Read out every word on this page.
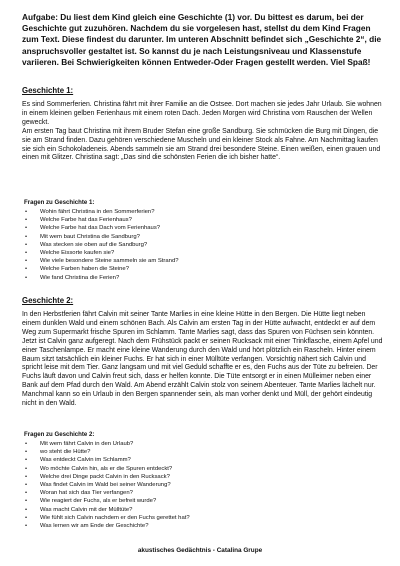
Aufgabe: Du liest dem Kind gleich eine Geschichte (1) vor. Du bittest es darum, bei der Geschichte gut zuzuhören. Nachdem du sie vorgelesen hast, stellst du dem Kind Fragen zum Text. Diese findest du darunter. Im unteren Abschnitt befindet sich „Geschichte 2“, die anspruchsvoller gestaltet ist. So kannst du je nach Leistungsniveau und Klassenstufe variieren. Bei Schwierigkeiten können Entweder-Oder Fragen gestellt werden. Viel Spaß!

Geschichte 1:

Es sind Sommerferien. Christina fährt mit ihrer Familie an die Ostsee. Dort machen sie jedes Jahr Urlaub. Sie wohnen in einem kleinen gelben Ferienhaus mit einem roten Dach. Jeden Morgen wird Christina vom Rauschen der Wellen geweckt.
Am ersten Tag baut Christina mit ihrem Bruder Stefan eine große Sandburg. Sie schmücken die Burg mit Dingen, die sie am Strand finden. Dazu gehören verschiedene Muscheln und ein kleiner Stock als Fahne. Am Nachmittag kaufen sie sich ein Schokoladeneis. Abends sammeln sie am Strand drei besondere Steine. Einen weißen, einen grauen und einen mit Glitzer. Christina sagt: „Das sind die schönsten Ferien die ich bisher hatte“.

Fragen zu Geschichte 1:

• Wohin fährt Christina in den Sommerferien?
• Welche Farbe hat das Ferienhaus?
• Welche Farbe hat das Dach vom Ferienhaus?
• Mit wem baut Christina die Sandburg?
• Was stecken sie oben auf die Sandburg?
• Welche Eissorte kaufen sie?
• Wie viele besondere Steine sammeln sie am Strand?
• Welche Farben haben die Steine?
• Wie fand Christina die Ferien?

Geschichte 2:

In den Herbstferien fährt Calvin mit seiner Tante Marlies in eine kleine Hütte in den Bergen. Die Hütte liegt neben einem dunklen Wald und einem schönen Bach. Als Calvin am ersten Tag in der Hütte aufwacht, entdeckt er auf dem Weg zum Supermarkt frische Spuren im Schlamm. Tante Marlies sagt, dass das Spuren von Füchsen sein könnten. Jetzt ist Calvin ganz aufgeregt. Nach dem Frühstück packt er seinen Rucksack mit einer Trinkflasche, einem Apfel und einer Taschenlampe. Er macht eine kleine Wanderung durch den Wald und hört plötzlich ein Rascheln. Hinter einem Baum sitzt tatsächlich ein kleiner Fuchs. Er hat sich in einer Mülltüte verfangen. Vorsichtig nähert sich Calvin und spricht leise mit dem Tier. Ganz langsam und mit viel Geduld schaffte er es, den Fuchs aus der Tüte zu befreien. Der Fuchs läuft davon und Calvin freut sich, dass er helfen konnte. Die Tüte entsorgt er in einen Mülleimer neben einer Bank auf dem Pfad durch den Wald. Am Abend erzählt Calvin stolz von seinem Abenteuer. Tante Marlies lächelt nur. Manchmal kann so ein Urlaub in den Bergen spannender sein, als man vorher denkt und Müll, der gehört eindeutig nicht in den Wald.

Fragen zu Geschichte 2:

• Mit wem fährt Calvin in den Urlaub?
• wo steht die Hütte?
• Was entdeckt Calvin im Schlamm?
• Wo möchte Calvin hin, als er die Spuren entdeckt?
• Welche drei Dinge packt Calvin in den Rucksack?
• Was findet Calvin im Wald bei seiner Wanderung?
• Woran hat sich das Tier verfangen?
• Wie reagiert der Fuchs, als er befreit wurde?
• Was macht Calvin mit der Mülltüte?
• Wie fühlt sich Calvin nachdem er den Fuchs gerettet hat?
• Was lernen wir am Ende der Geschichte?

akustisches Gedächtnis - Catalina Grupe
